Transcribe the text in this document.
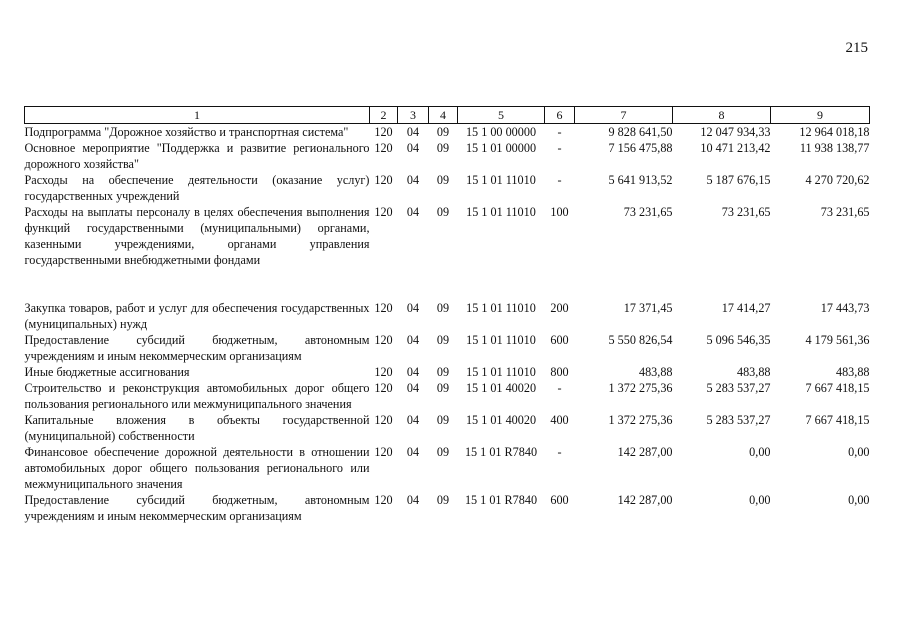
215
1	2	3	4	5	6	7	8	9
Подпрограмма "Дорожное хозяйство и транспортная система"	120	04	09	15 1 00 00000	-	9 828 641,50	12 047 934,33	12 964 018,18
Основное мероприятие "Поддержка и развитие регионального дорожного хозяйства"	120	04	09	15 1 01 00000	-	7 156 475,88	10 471 213,42	11 938 138,77
Расходы на обеспечение деятельности (оказание услуг) государственных учреждений	120	04	09	15 1 01 11010	-	5 641 913,52	5 187 676,15	4 270 720,62
Расходы на выплаты персоналу в целях обеспечения выполнения функций государственными (муниципальными) органами, казенными учреждениями, органами управления государственными внебюджетными фондами	120	04	09	15 1 01 11010	100	73 231,65	73 231,65	73 231,65

Закупка товаров, работ и услуг для обеспечения государственных (муниципальных) нужд	120	04	09	15 1 01 11010	200	17 371,45	17 414,27	17 443,73
Предоставление субсидий бюджетным, автономным учреждениям и иным некоммерческим организациям	120	04	09	15 1 01 11010	600	5 550 826,54	5 096 546,35	4 179 561,36
Иные бюджетные ассигнования	120	04	09	15 1 01 11010	800	483,88	483,88	483,88
Строительство и реконструкция автомобильных дорог общего пользования регионального или межмуниципального значения	120	04	09	15 1 01 40020	-	1 372 275,36	5 283 537,27	7 667 418,15
Капитальные вложения в объекты государственной (муниципальной) собственности	120	04	09	15 1 01 40020	400	1 372 275,36	5 283 537,27	7 667 418,15
Финансовое обеспечение дорожной деятельности в отношении автомобильных дорог общего пользования регионального или межмуниципального значения	120	04	09	15 1 01 R7840	-	142 287,00	0,00	0,00
Предоставление субсидий бюджетным, автономным учреждениям и иным некоммерческим организациям	120	04	09	15 1 01 R7840	600	142 287,00	0,00	0,00
